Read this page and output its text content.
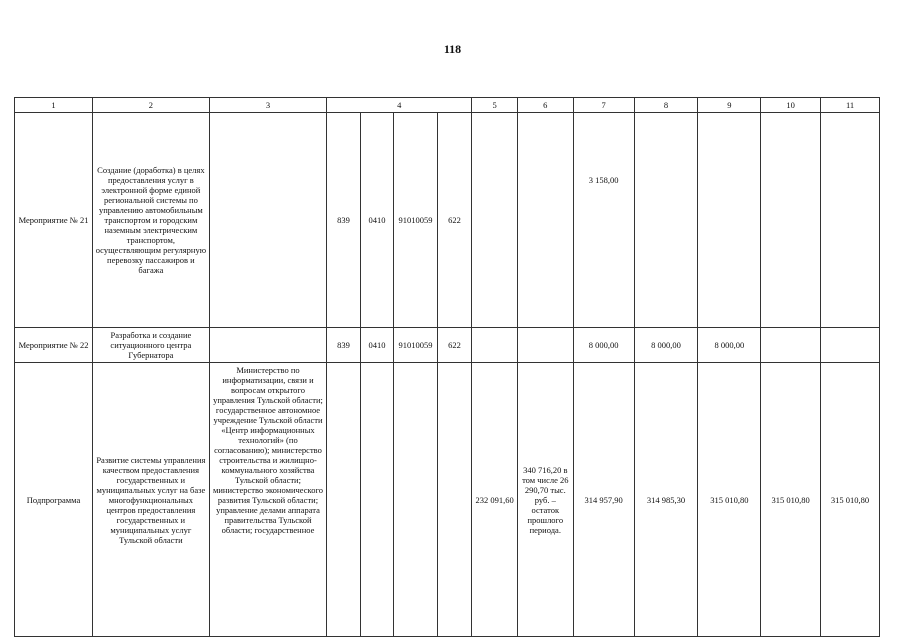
118
1	2	3	4				5	6	7	8	9	10	11
Мероприятие № 21	Создание (доработка) в целях предоставления услуг в электронной форме единой региональной системы по управлению автомобильным транспортом и городским наземным электрическим транспортом, осуществляющим регулярную перевозку пассажиров и багажа		839	0410	91010059	622			3 158,00				
Мероприятие № 22	Разработка и создание ситуационного центра Губернатора		839	0410	91010059	622			8 000,00	8 000,00	8 000,00		
Подпрограмма	Развитие системы управления качеством предоставления государственных и муниципальных услуг на базе многофункциональных центров предоставления государственных и муниципальных услуг Тульской области	Министерство по информатизации, связи и вопросам открытого управления Тульской области; государственное автономное учреждение Тульской области «Центр информационных технологий» (по согласованию); министерство строительства и жилищно-коммунального хозяйства Тульской области; министерство экономического развития Тульской области; управление делами аппарата правительства Тульской области; государственное					232 091,60	340 716,20 в том числе 26 290,70 тыс. руб. – остаток прошлого периода.	314 957,90	314 985,30	315 010,80	315 010,80	315 010,80
